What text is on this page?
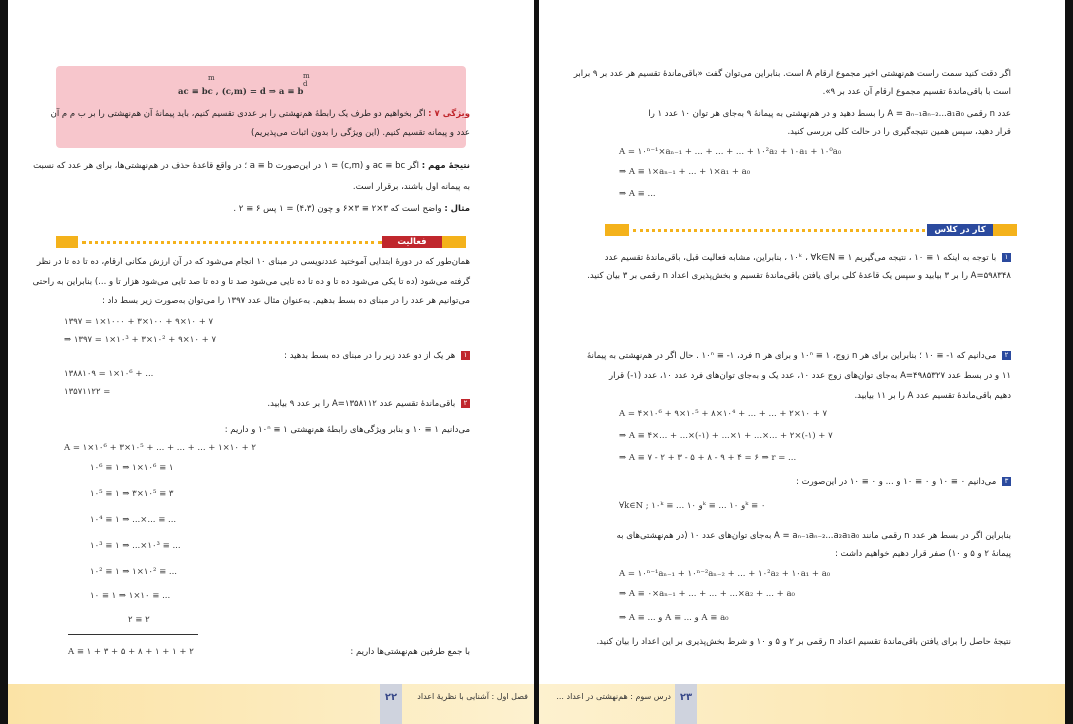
m	m
d
ac ≡ bc , (c,m) = d ⇒ a ≡ b
ویژگی ۷ : اگر بخواهیم دو طرف یک رابطهٔ هم‌نهشتی را بر عددی تقسیم کنیم، باید پیمانهٔ آن هم‌نهشتی را بر ب م م آن
عدد و پیمانه تقسیم کنیم. (این ویژگی را بدون اثبات می‌پذیریم)
نتیجهٔ مهم : اگر ac ≡ bc و (c,m) = ۱ در این‌صورت a ≡ b ؛ در واقع قاعدهٔ حذف در هم‌نهشتی‌ها، برای هر عدد که نسبت
به پیمانه اول باشند، برقرار است.
مثال : واضح است که ۳×۲ ≡ ۳×۶ و چون (۴،۳) = ۱ پس ۶ ≡ ۲ .
فعالیت
همان‌طور که در دورهٔ ابتدایی آموختید عددنویسی در مبنای ۱۰ انجام می‌شود که در آن ارزش مکانی ارقام، ده تا ده تا در نظر
گرفته می‌شود (ده تا یکی می‌شود ده تا و ده تا ده تایی می‌شود صد تا و ده تا صد تایی می‌شود هزار تا و ...) بنابراین به راحتی
می‌توانیم هر عدد را در مبنای ده بسط بدهیم. به‌عنوان مثال عدد ۱۳۹۷ را می‌توان به‌صورت زیر بسط داد :
۱۳۹۷ = ۱×۱۰۰۰ + ۳×۱۰۰ + ۹×۱۰ + ۷
⇒ ۱۳۹۷ = ۱×۱۰³ + ۳×۱۰² + ۹×۱۰ + ۷
۱ هر یک از دو عدد زیر را در مبنای ده بسط بدهید :
۱۳۸۸۱۰۹ = ۱×۱۰⁶ + ...
۱۳۵۷۱۱۲۲ =
۲ باقی‌ماندهٔ تقسیم عدد A=۱۳۵۸۱۱۲ را بر عدد ۹ بیابید.
می‌دانیم ۱ ≡ ۱۰ و بنابر ویژگی‌های رابطهٔ هم‌نهشتی ۱ ≡ ۱۰ⁿ و داریم :
A = ۱×۱۰⁶ + ۳×۱۰⁵ + ... + ... + ... + ۱×۱۰ + ۲
A ≡ ۱ + ۳ + ۵ + ۸ + ۱ + ۱ + ۲	با جمع طرفین هم‌نهشتی‌ها داریم :
۲۲	فصل اول : آشنایی با نظریهٔ اعداد
۱۰⁶ ≡ ۱ ⇒ ۱×۱۰⁶ ≡ ۱
۱۰⁵ ≡ ۱ ⇒ ۳×۱۰⁵ ≡ ۳
۱۰⁴ ≡ ۱ ⇒ ...×... ≡ ...
۱۰³ ≡ ۱ ⇒ ...×۱۰³ ≡ ...
۱۰² ≡ ۱ ⇒ ۱×۱۰² ≡ ...
۱۰ ≡ ۱ ⇒ ۱×۱۰ ≡ ...
۲ ≡ ۲
اگر دقت کنید سمت راست هم‌نهشتی اخیر مجموع ارقام A است. بنابراین می‌توان گفت «باقی‌ماندهٔ تقسیم هر عدد بر ۹ برابر
است با باقی‌ماندهٔ تقسیم مجموع ارقام آن عدد بر ۹».
عدد n رقمی A = aₙ₋₁aₙ₋₂...a₁a₀ را بسط دهید و در هم‌نهشتی به پیمانهٔ ۹ به‌جای هر توان ۱۰ عدد ۱ را
قرار دهید، سپس همین نتیجه‌گیری را در حالت کلی بررسی کنید.
A = ۱۰ⁿ⁻¹×aₙ₋₁ + ... + ... + ... + ۱۰²a₂ + ۱۰a₁ + ۱۰⁰a₀
⇒ A ≡ ۱×aₙ₋₁ + ... + ۱×a₁ + a₀
⇒ A ≡ ...
کار در کلاس
۱ با توجه به اینکه ۱ ≡ ۱۰ ، نتیجه می‌گیریم ۱ ≡ ۱۰ᵏ ، ∀k∈N ، بنابراین، مشابه فعالیت قبل، باقی‌ماندهٔ تقسیم عدد
A=۵۹۸۳۴۸ را بر ۳ بیابید و سپس یک قاعدهٔ کلی برای یافتن باقی‌ماندهٔ تقسیم و بخش‌پذیری اعداد n رقمی بر ۳ بیان کنید.
۲ می‌دانیم که ۱- ≡ ۱۰ ؛ بنابراین برای هر n زوج، ۱ ≡ ۱۰ⁿ و برای هر n فرد، ۱- ≡ ۱۰ⁿ . حال اگر در هم‌نهشتی به پیمانهٔ
۱۱ و در بسط عدد A=۴۹۸۵۳۲۷ به‌جای توان‌های زوج عدد ۱۰، عدد یک و به‌جای توان‌های فرد عدد ۱۰، عدد (۱-) قرار
دهیم باقی‌ماندهٔ تقسیم عدد A را بر ۱۱ بیابید.
A = ۴×۱۰⁶ + ۹×۱۰⁵ + ۸×۱۰⁴ + ... + ... + ۲×۱۰ + ۷
⇒ A ≡ ۴×... + ...×(-۱) + ...×۱ + ...×... + ۲×(-۱) + ۷
⇒ A ≡ ۷ - ۲ + ۳ - ۵ + ۸ - ۹ + ۴ = ۶ ⇒ r = ...
۳ می‌دانیم ۰ ≡ ۱۰ و ۰ ≡ ۱۰ و ... و ۰ ≡ ۱۰ در این‌صورت :
∀k∈N ; ۱۰ᵏ ≡ ... و ۱۰ᵏ ≡ ... و ۱۰ᵏ ≡ ۰
بنابراین اگر در بسط هر عدد n رقمی مانند A = aₙ₋₁aₙ₋₂...a₂a₁a₀ به‌جای توان‌های عدد ۱۰ (در هم‌نهشتی‌های به
پیمانهٔ ۲ و ۵ و ۱۰) صفر قرار دهیم خواهیم داشت :
A = ۱۰ⁿ⁻¹aₙ₋₁ + ۱۰ⁿ⁻²aₙ₋₂ + ... + ۱۰²a₂ + ۱۰a₁ + a₀
⇒ A ≡ ۰×aₙ₋₁ + ... + ... + ...×a₂ + ... + a₀
⇒ A ≡ ... و A ≡ ... و A ≡ a₀
نتیجهٔ حاصل را برای یافتن باقی‌ماندهٔ تقسیم اعداد n رقمی بر ۲ و ۵ و ۱۰ و شرط بخش‌پذیری بر این اعداد را بیان کنید.
۲۳
درس سوم : هم‌نهشتی در اعداد ...
